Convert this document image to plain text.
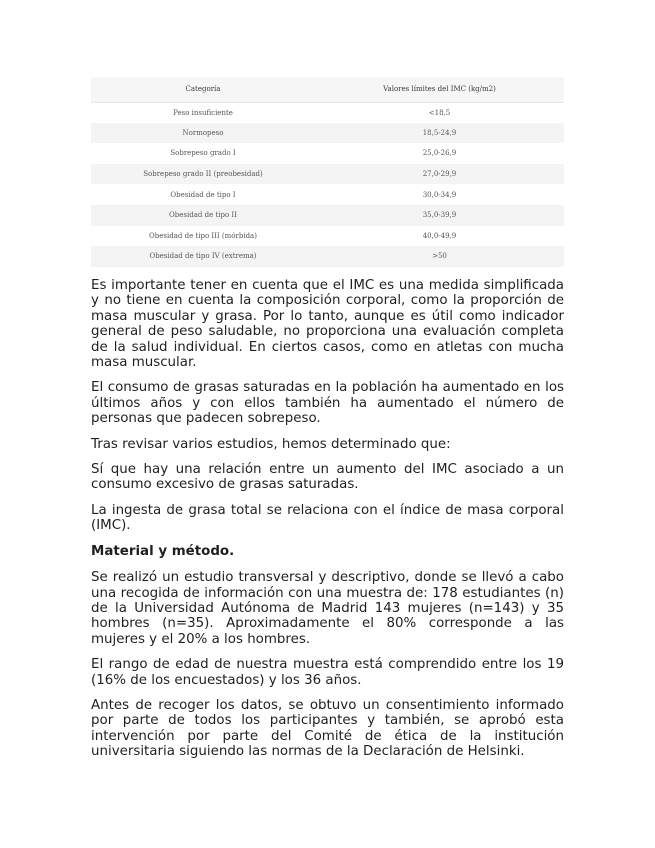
Categoría	Valores límites del IMC (kg/m2)
Peso insuficiente	<18,5
Normopeso	18,5-24,9
Sobrepeso grado I	25,0-26,9
Sobrepeso grado II (preobesidad)	27,0-29,9
Obesidad de tipo I	30,0-34,9
Obesidad de tipo II	35,0-39,9
Obesidad de tipo III (mórbida)	40,0-49,9
Obesidad de tipo IV (extrema)	>50

Es importante tener en cuenta que el IMC es una medida simplificada y no tiene en cuenta la composición corporal, como la proporción de masa muscular y grasa. Por lo tanto, aunque es útil como indicador general de peso saludable, no proporciona una evaluación completa de la salud individual. En ciertos casos, como en atletas con mucha masa muscular.

El consumo de grasas saturadas en la población ha aumentado en los últimos años y con ellos también ha aumentado el número de personas que padecen sobrepeso.

Tras revisar varios estudios, hemos determinado que:

Sí que hay una relación entre un aumento del IMC asociado a un consumo excesivo de grasas saturadas.

La ingesta de grasa total se relaciona con el índice de masa corporal (IMC).

Material y método.

Se realizó un estudio transversal y descriptivo, donde se llevó a cabo una recogida de información con una muestra de: 178 estudiantes (n) de la Universidad Autónoma de Madrid 143 mujeres (n=143) y 35 hombres (n=35). Aproximadamente el 80% corresponde a las mujeres y el 20% a los hombres.

El rango de edad de nuestra muestra está comprendido entre los 19 (16% de los encuestados) y los 36 años.

Antes de recoger los datos, se obtuvo un consentimiento informado por parte de todos los participantes y también, se aprobó esta intervención por parte del Comité de ética de la institución universitaria siguiendo las normas de la Declaración de Helsinki.
